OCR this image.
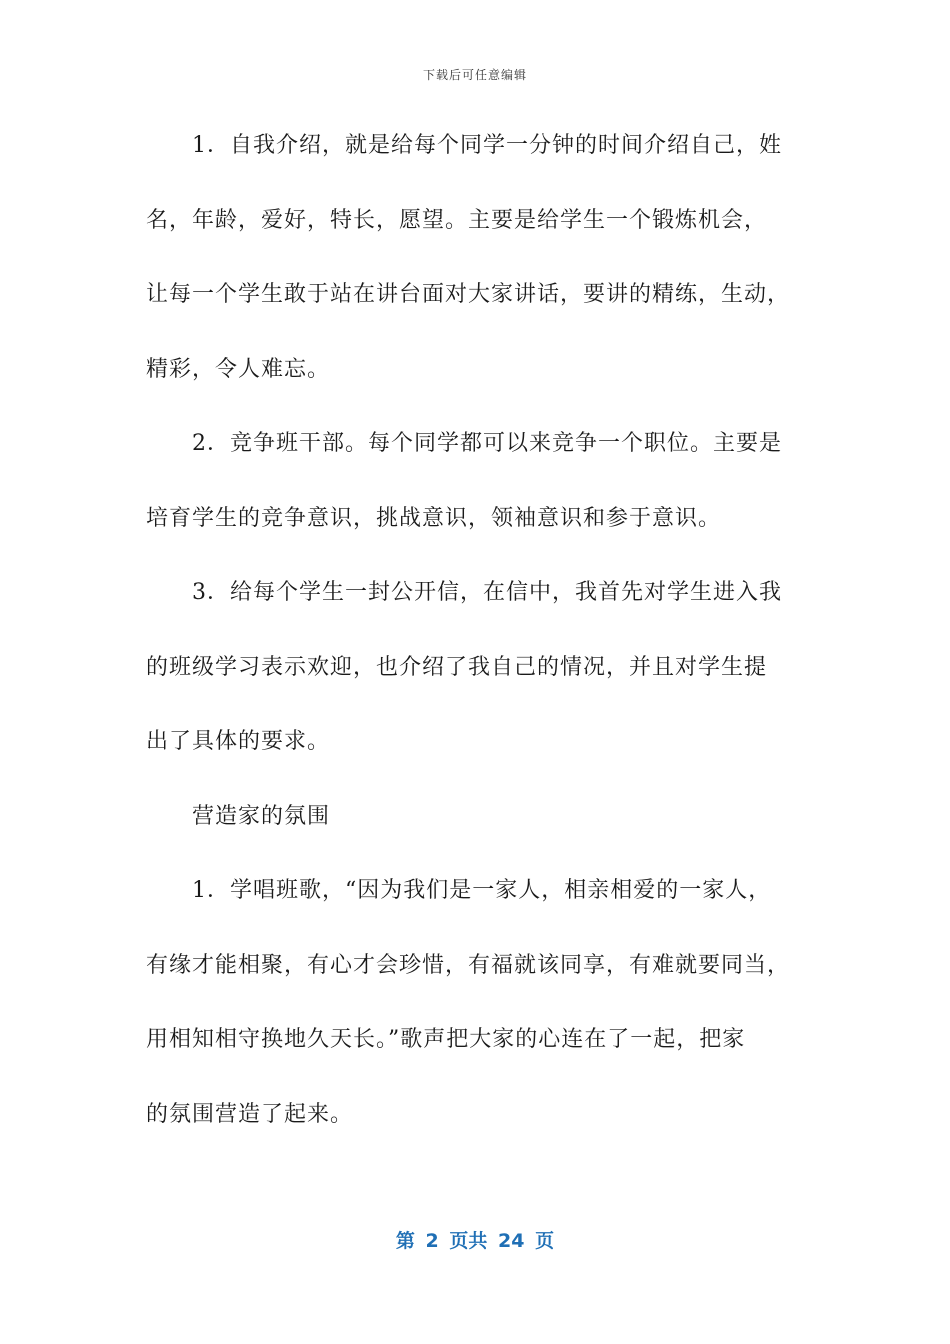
下载后可任意编辑
1．自我介绍，就是给每个同学一分钟的时间介绍自己，姓
名，年龄，爱好，特长，愿望。主要是给学生一个锻炼机会，
让每一个学生敢于站在讲台面对大家讲话，要讲的精练，生动，
精彩，令人难忘。
2．竞争班干部。每个同学都可以来竞争一个职位。主要是
培育学生的竞争意识，挑战意识，领袖意识和参于意识。
3．给每个学生一封公开信，在信中，我首先对学生进入我
的班级学习表示欢迎，也介绍了我自己的情况，并且对学生提
出了具体的要求。
营造家的氛围
1．学唱班歌，“因为我们是一家人，相亲相爱的一家人，
有缘才能相聚，有心才会珍惜，有福就该同享，有难就要同当，
用相知相守换地久天长。”歌声把大家的心连在了一起，把家
的氛围营造了起来。
第 2 页共 24 页
